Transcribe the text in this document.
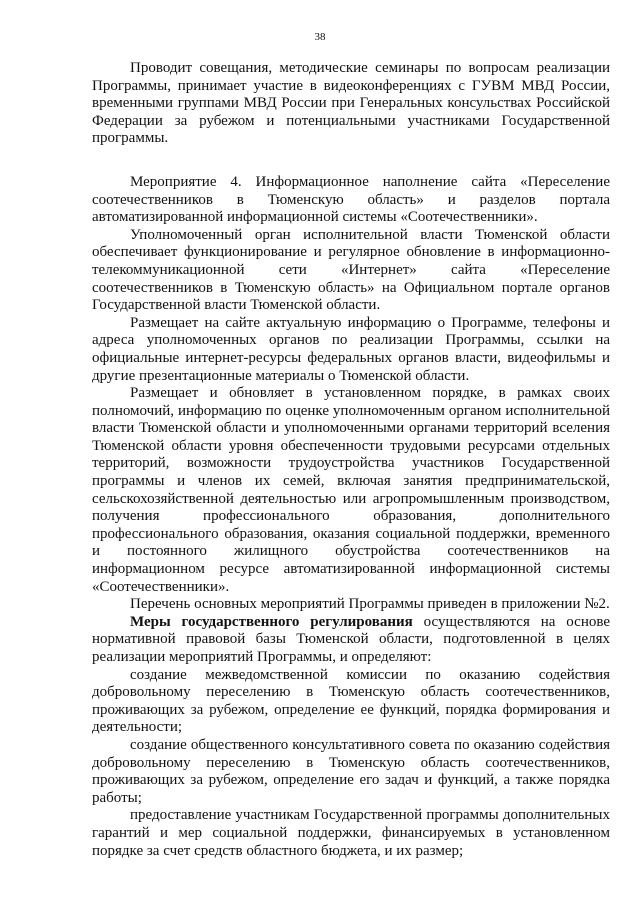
38

Проводит совещания, методические семинары по вопросам реализации Программы, принимает участие в видеоконференциях с ГУВМ МВД России, временными группами МВД России при Генеральных консульствах Российской Федерации за рубежом и потенциальными участниками Государственной программы.

Мероприятие 4. Информационное наполнение сайта «Переселение соотечественников в Тюменскую область» и разделов портала автоматизированной информационной системы «Соотечественники».

Уполномоченный орган исполнительной власти Тюменской области обеспечивает функционирование и регулярное обновление в информационно-телекоммуникационной сети «Интернет» сайта «Переселение соотечественников в Тюменскую область» на Официальном портале органов Государственной власти Тюменской области.

Размещает на сайте актуальную информацию о Программе, телефоны и адреса уполномоченных органов по реализации Программы, ссылки на официальные интернет-ресурсы федеральных органов власти, видеофильмы и другие презентационные материалы о Тюменской области.

Размещает и обновляет в установленном порядке, в рамках своих полномочий, информацию по оценке уполномоченным органом исполнительной власти Тюменской области и уполномоченными органами территорий вселения Тюменской области уровня обеспеченности трудовыми ресурсами отдельных территорий, возможности трудоустройства участников Государственной программы и членов их семей, включая занятия предпринимательской, сельскохозяйственной деятельностью или агропромышленным производством, получения профессионального образования, дополнительного профессионального образования, оказания социальной поддержки, временного и постоянного жилищного обустройства соотечественников на информационном ресурсе автоматизированной информационной системы «Соотечественники».

Перечень основных мероприятий Программы приведен в приложении №2.

Меры государственного регулирования осуществляются на основе нормативной правовой базы Тюменской области, подготовленной в целях реализации мероприятий Программы, и определяют:

создание межведомственной комиссии по оказанию содействия добровольному переселению в Тюменскую область соотечественников, проживающих за рубежом, определение ее функций, порядка формирования и деятельности;

создание общественного консультативного совета по оказанию содействия добровольному переселению в Тюменскую область соотечественников, проживающих за рубежом, определение его задач и функций, а также порядка работы;

предоставление участникам Государственной программы дополнительных гарантий и мер социальной поддержки, финансируемых в установленном порядке за счет средств областного бюджета, и их размер;
